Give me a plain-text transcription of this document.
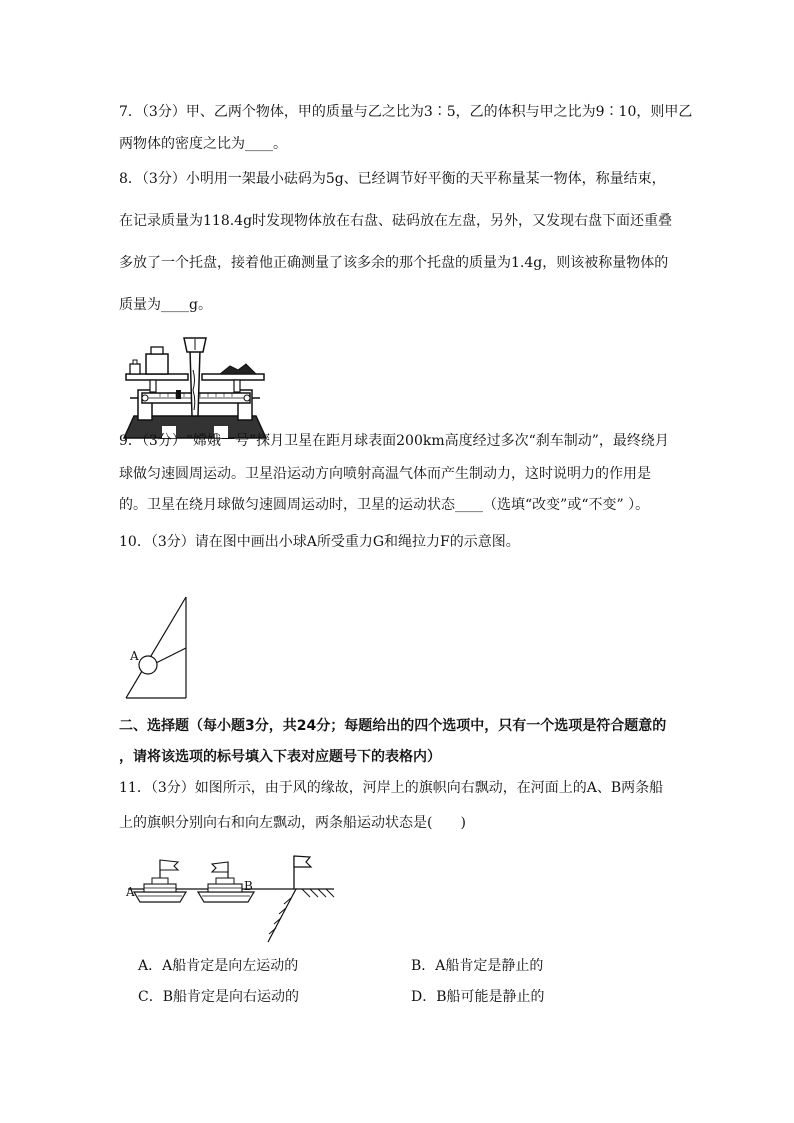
7．（3分）甲、乙两个物体，甲的质量与乙之比为3∶5，乙的体积与甲之比为9∶10，则甲乙
两物体的密度之比为____。
8．（3分）小明用一架最小砝码为5g、已经调节好平衡的天平称量某一物体，称量结束，
在记录质量为118.4g时发现物体放在右盘、砝码放在左盘，另外，又发现右盘下面还重叠
多放了一个托盘，接着他正确测量了该多余的那个托盘的质量为1.4g，则该被称量物体的
质量为____g。
9．（3分）“嫦娥一号”探月卫星在距月球表面200km高度经过多次“刹车制动”，最终绕月
球做匀速圆周运动。卫星沿运动方向喷射高温气体而产生制动力，这时说明力的作用是
的。卫星在绕月球做匀速圆周运动时，卫星的运动状态____（选填“改变”或“不变” ）。
10．（3分）请在图中画出小球A所受重力G和绳拉力F的示意图。
A
二、选择题（每小题3分，共24分；每题给出的四个选项中，只有一个选项是符合题意的
，请将该选项的标号填入下表对应题号下的表格内）
11．（3分）如图所示，由于风的缘故，河岸上的旗帜向右飘动，在河面上的A、B两条船
上的旗帜分别向右和向左飘动，两条船运动状态是(　　)
A	B
A．A船肯定是向左运动的	B．A船肯定是静止的
C．B船肯定是向右运动的	D．B船可能是静止的
